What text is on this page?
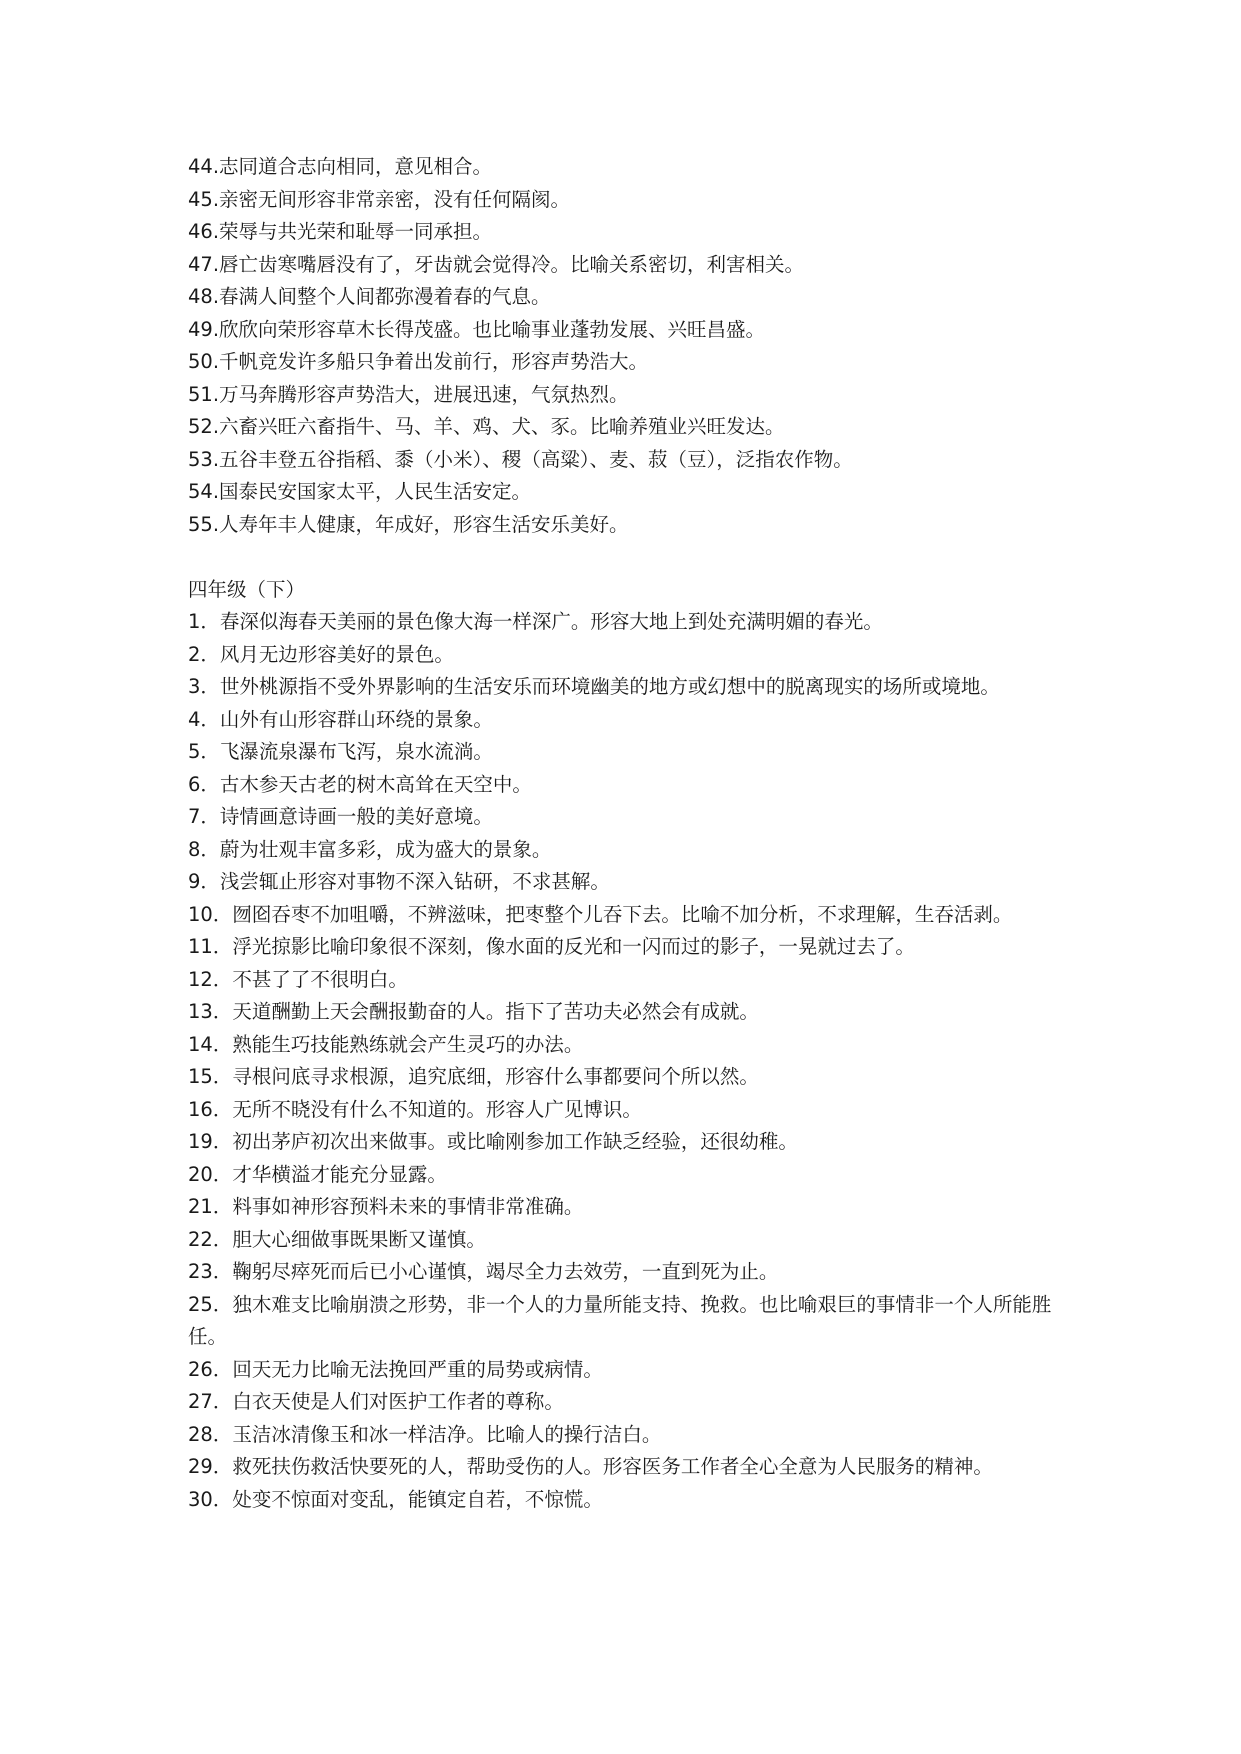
44.志同道合志向相同，意见相合。

45.亲密无间形容非常亲密，没有任何隔阂。

46.荣辱与共光荣和耻辱一同承担。

47.唇亡齿寒嘴唇没有了，牙齿就会觉得冷。比喻关系密切，利害相关。

48.春满人间整个人间都弥漫着春的气息。

49.欣欣向荣形容草木长得茂盛。也比喻事业蓬勃发展、兴旺昌盛。

50.千帆竞发许多船只争着出发前行，形容声势浩大。

51.万马奔腾形容声势浩大，进展迅速，气氛热烈。

52.六畜兴旺六畜指牛、马、羊、鸡、犬、豕。比喻养殖业兴旺发达。

53.五谷丰登五谷指稻、黍（小米）、稷（高粱）、麦、菽（豆），泛指农作物。

54.国泰民安国家太平，人民生活安定。

55.人寿年丰人健康，年成好，形容生活安乐美好。

四年级（下）

1．春深似海春天美丽的景色像大海一样深广。形容大地上到处充满明媚的春光。

2．风月无边形容美好的景色。

3．世外桃源指不受外界影响的生活安乐而环境幽美的地方或幻想中的脱离现实的场所或境地。

4．山外有山形容群山环绕的景象。

5．飞瀑流泉瀑布飞泻，泉水流淌。

6．古木参天古老的树木高耸在天空中。

7．诗情画意诗画一般的美好意境。

8．蔚为壮观丰富多彩，成为盛大的景象。

9．浅尝辄止形容对事物不深入钻研，不求甚解。

10．囫囵吞枣不加咀嚼，不辨滋味，把枣整个儿吞下去。比喻不加分析，不求理解，生吞活剥。

11．浮光掠影比喻印象很不深刻，像水面的反光和一闪而过的影子，一晃就过去了。

12．不甚了了不很明白。

13．天道酬勤上天会酬报勤奋的人。指下了苦功夫必然会有成就。

14．熟能生巧技能熟练就会产生灵巧的办法。

15．寻根问底寻求根源，追究底细，形容什么事都要问个所以然。

16．无所不晓没有什么不知道的。形容人广见博识。

19．初出茅庐初次出来做事。或比喻刚参加工作缺乏经验，还很幼稚。

20．才华横溢才能充分显露。

21．料事如神形容预料未来的事情非常准确。

22．胆大心细做事既果断又谨慎。

23．鞠躬尽瘁死而后已小心谨慎，竭尽全力去效劳，一直到死为止。

25．独木难支比喻崩溃之形势，非一个人的力量所能支持、挽救。也比喻艰巨的事情非一个人所能胜任。

26．回天无力比喻无法挽回严重的局势或病情。

27．白衣天使是人们对医护工作者的尊称。

28．玉洁冰清像玉和冰一样洁净。比喻人的操行洁白。

29．救死扶伤救活快要死的人，帮助受伤的人。形容医务工作者全心全意为人民服务的精神。

30．处变不惊面对变乱，能镇定自若，不惊慌。
